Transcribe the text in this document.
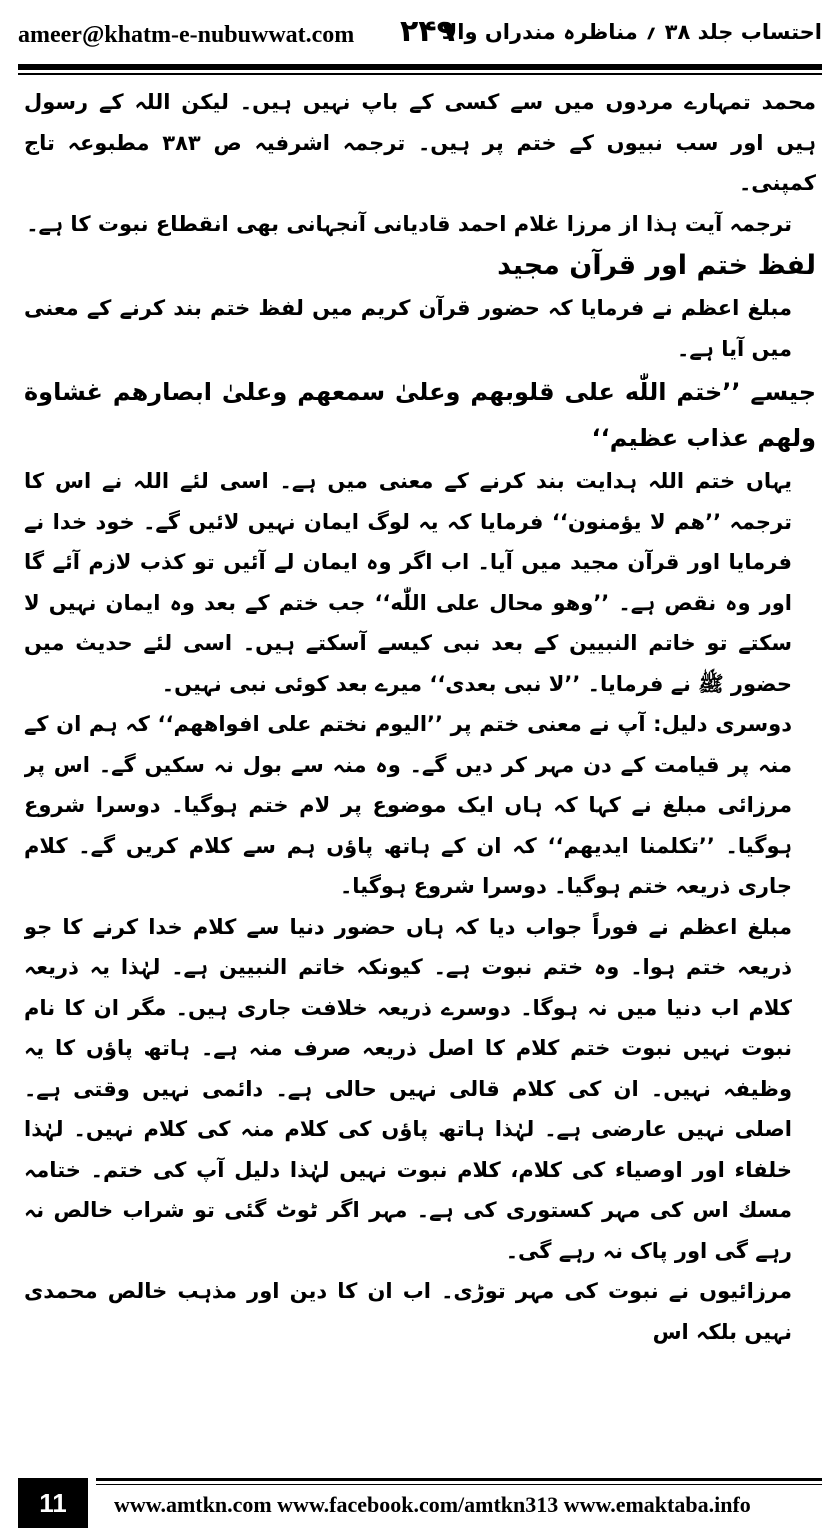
ameer@khatm-e-nubuwwat.com ۲۴۹
احتساب جلد ۳۸ ؍ مناظرہ مندراں والا

محمد تمہارے مردوں میں سے کسی کے باپ نہیں ہیں۔ لیکن اللہ کے رسول ہیں اور سب نبیوں کے ختم پر ہیں۔ ترجمہ اشرفیہ ص ۳۸۳ مطبوعہ تاج کمپنی۔

ترجمہ آیت ہذا از مرزا غلام احمد قادیانی آنجہانی بھی انقطاع نبوت کا ہے۔

لفظ ختم اور قرآن مجید

مبلغ اعظم نے فرمایا کہ حضور قرآن کریم میں لفظ ختم بند کرنے کے معنی میں آیا ہے۔

جیسے ’’ختم اللّٰه علی قلوبهم وعلیٰ سمعهم وعلیٰ ابصارهم غشاوة ولهم عذاب عظیم‘‘

یہاں ختم اللہ ہدایت بند کرنے کے معنی میں ہے۔ اسی لئے اللہ نے اس کا ترجمہ ’’هم لا یؤمنون‘‘ فرمایا کہ یہ لوگ ایمان نہیں لائیں گے۔ خود خدا نے فرمایا اور قرآن مجید میں آیا۔ اب اگر وہ ایمان لے آئیں تو کذب لازم آئے گا اور وہ نقص ہے۔ ’’وهو محال علی اللّٰه‘‘ جب ختم کے بعد وہ ایمان نہیں لا سکتے تو خاتم النبیین کے بعد نبی کیسے آسکتے ہیں۔ اسی لئے حدیث میں حضور ﷺ نے فرمایا۔ ’’لا نبی بعدی‘‘ میرے بعد کوئی نبی نہیں۔

دوسری دلیل: آپ نے معنی ختم پر ’’الیوم نختم علی افواههم‘‘ کہ ہم ان کے منہ پر قیامت کے دن مہر کر دیں گے۔ وہ منہ سے بول نہ سکیں گے۔ اس پر مرزائی مبلغ نے کہا کہ ہاں ایک موضوع پر لام ختم ہوگیا۔ دوسرا شروع ہوگیا۔ ’’تکلمنا ایدیهم‘‘ کہ ان کے ہاتھ پاؤں ہم سے کلام کریں گے۔ کلام جاری ذریعہ ختم ہوگیا۔ دوسرا شروع ہوگیا۔

مبلغ اعظم نے فوراً جواب دیا کہ ہاں حضور دنیا سے کلام خدا کرنے کا جو ذریعہ ختم ہوا۔ وہ ختم نبوت ہے۔ کیونکہ خاتم النبیین ہے۔ لہٰذا یہ ذریعہ کلام اب دنیا میں نہ ہوگا۔ دوسرے ذریعہ خلافت جاری ہیں۔ مگر ان کا نام نبوت نہیں نبوت ختم کلام کا اصل ذریعہ صرف منہ ہے۔ ہاتھ پاؤں کا یہ وظیفہ نہیں۔ ان کی کلام قالی نہیں حالی ہے۔ دائمی نہیں وقتی ہے۔ اصلی نہیں عارضی ہے۔ لہٰذا ہاتھ پاؤں کی کلام منہ کی کلام نہیں۔ لہٰذا خلفاء اور اوصیاء کی کلام، کلام نبوت نہیں لہٰذا دلیل آپ کی ختم۔ ختامہ مسك اس کی مہر کستوری کی ہے۔ مہر اگر ٹوٹ گئی تو شراب خالص نہ رہے گی اور پاک نہ رہے گی۔

مرزائیوں نے نبوت کی مہر توڑی۔ اب ان کا دین اور مذہب خالص محمدی نہیں بلکہ اس

11	www.amtkn.com www.facebook.com/amtkn313 www.emaktaba.info
